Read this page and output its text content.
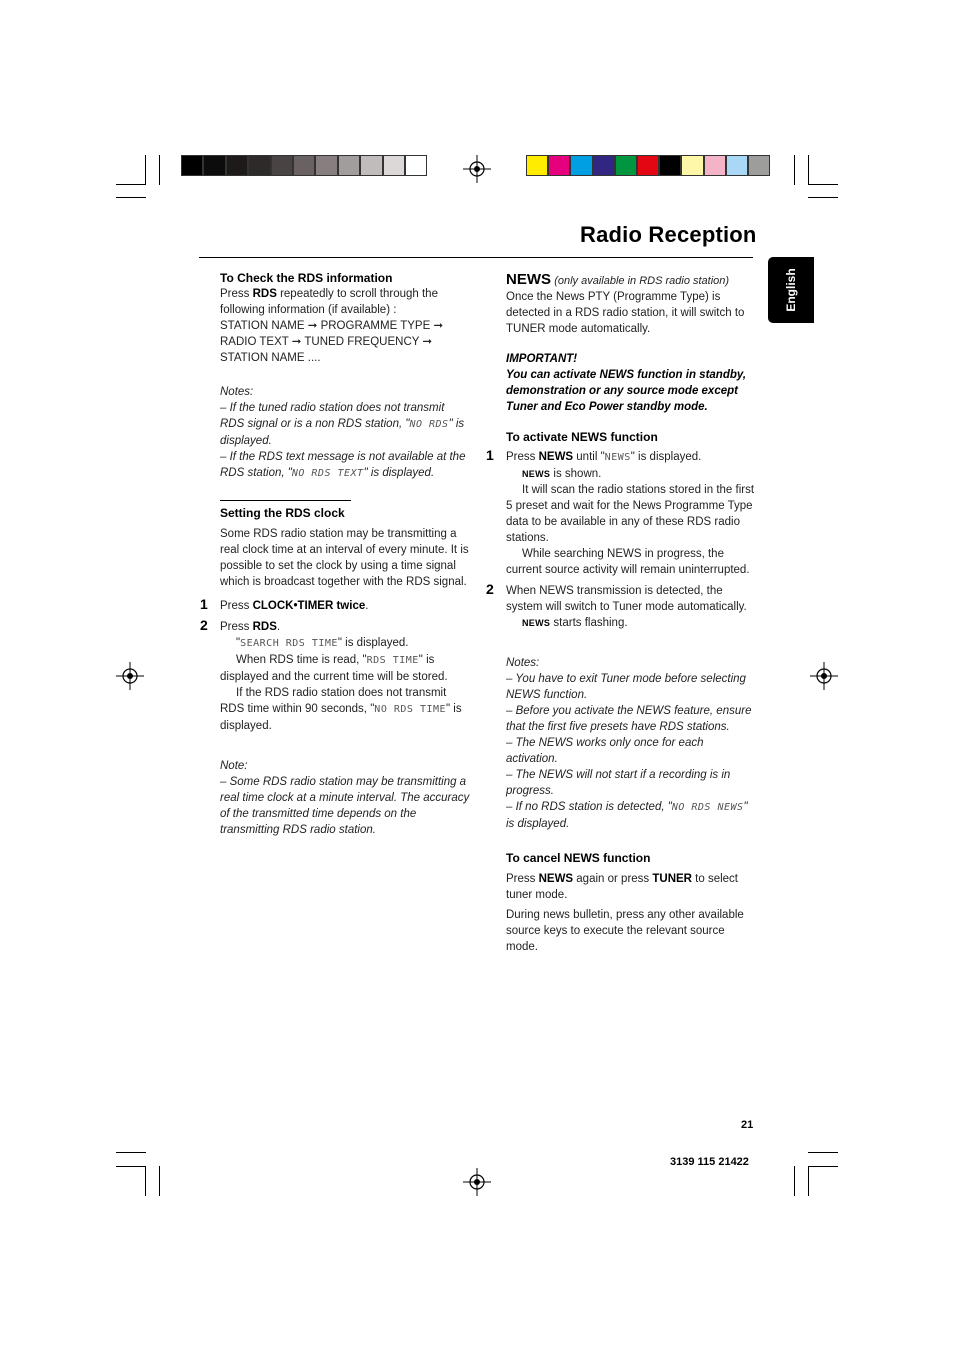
Radio Reception
English

To Check the RDS information

Press RDS repeatedly to scroll through the following information (if available) :

STATION NAME ➞ PROGRAMME TYPE ➞

RADIO TEXT ➞ TUNED FREQUENCY ➞

STATION NAME ....

Notes:

– If the tuned radio station does not transmit RDS signal or is a non RDS station, "NO RDS" is displayed.

– If the RDS text message is not available at the RDS station, "NO RDS TEXT" is displayed.

Setting the RDS clock

Some RDS radio station may be transmitting a real clock time at an interval of every minute. It is possible to set the clock by using a time signal which is broadcast together with the RDS signal.

1 Press CLOCK•TIMER twice.

2 Press RDS.

"SEARCH RDS TIME" is displayed.

When RDS time is read, "RDS TIME" is displayed and the current time will be stored.

If the RDS radio station does not transmit RDS time within 90 seconds, "NO RDS TIME" is displayed.

Note:

– Some RDS radio station may be transmitting a real time clock at a minute interval. The accuracy of the transmitted time depends on the transmitting RDS radio station.

NEWS (only available in RDS radio station)

Once the News PTY (Programme Type) is detected in a RDS radio station, it will switch to TUNER mode automatically.

IMPORTANT!

You can activate NEWS function in standby, demonstration or any source mode except Tuner and Eco Power standby mode.

To activate NEWS function

1 Press NEWS until "NEWS" is displayed.

NEWS is shown.

It will scan the radio stations stored in the first 5 preset and wait for the News Programme Type data to be available in any of these RDS radio stations.

While searching NEWS in progress, the current source activity will remain uninterrupted.

2 When NEWS transmission is detected, the system will switch to Tuner mode automatically.

NEWS starts flashing.

Notes:

– You have to exit Tuner mode before selecting NEWS function.

– Before you activate the NEWS feature, ensure that the first five presets have RDS stations.

– The NEWS works only once for each activation.

– The NEWS will not start if a recording is in progress.

– If no RDS station is detected, "NO RDS NEWS" is displayed.

To cancel NEWS function

Press NEWS again or press TUNER to select tuner mode.

During news bulletin, press any other available source keys to execute the relevant source mode.

21
3139 115 21422
